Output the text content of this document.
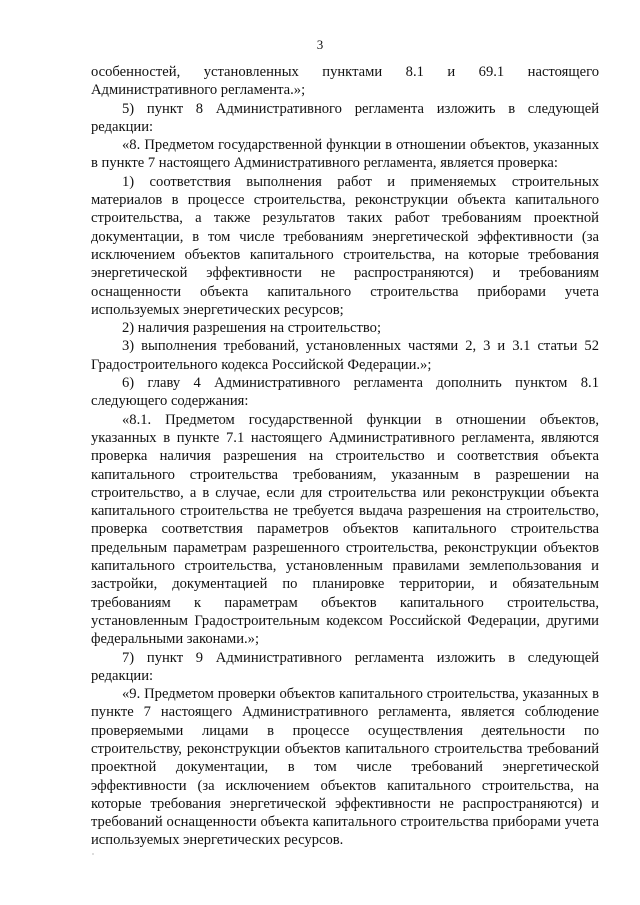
3

особенностей, установленных пунктами 8.1 и 69.1 настоящего Административного регламента.»;

5) пункт 8 Административного регламента изложить в следующей редакции:

«8. Предметом государственной функции в отношении объектов, указанных в пункте 7 настоящего Административного регламента, является проверка:

1) соответствия выполнения работ и применяемых строительных материалов в процессе строительства, реконструкции объекта капитального строительства, а также результатов таких работ требованиям проектной документации, в том числе требованиям энергетической эффективности (за исключением объектов капитального строительства, на которые требования энергетической эффективности не распространяются) и требованиям оснащенности объекта капитального строительства приборами учета используемых энергетических ресурсов;

2) наличия разрешения на строительство;

3) выполнения требований, установленных частями 2, 3 и 3.1 статьи 52 Градостроительного кодекса Российской Федерации.»;

6) главу 4 Административного регламента дополнить пунктом 8.1 следующего содержания:

«8.1. Предметом государственной функции в отношении объектов, указанных в пункте 7.1 настоящего Административного регламента, являются проверка наличия разрешения на строительство и соответствия объекта капитального строительства требованиям, указанным в разрешении на строительство, а в случае, если для строительства или реконструкции объекта капитального строительства не требуется выдача разрешения на строительство, проверка соответствия параметров объектов капитального строительства предельным параметрам разрешенного строительства, реконструкции объектов капитального строительства, установленным правилами землепользования и застройки, документацией по планировке территории, и обязательным требованиям к параметрам объектов капитального строительства, установленным Градостроительным кодексом Российской Федерации, другими федеральными законами.»;

7) пункт 9 Административного регламента изложить в следующей редакции:

«9. Предметом проверки объектов капитального строительства, указанных в пункте 7 настоящего Административного регламента, является соблюдение проверяемыми лицами в процессе осуществления деятельности по строительству, реконструкции объектов капитального строительства требований проектной документации, в том числе требований энергетической эффективности (за исключением объектов капитального строительства, на которые требования энергетической эффективности не распространяются) и требований оснащенности объекта капитального строительства приборами учета используемых энергетических ресурсов.
